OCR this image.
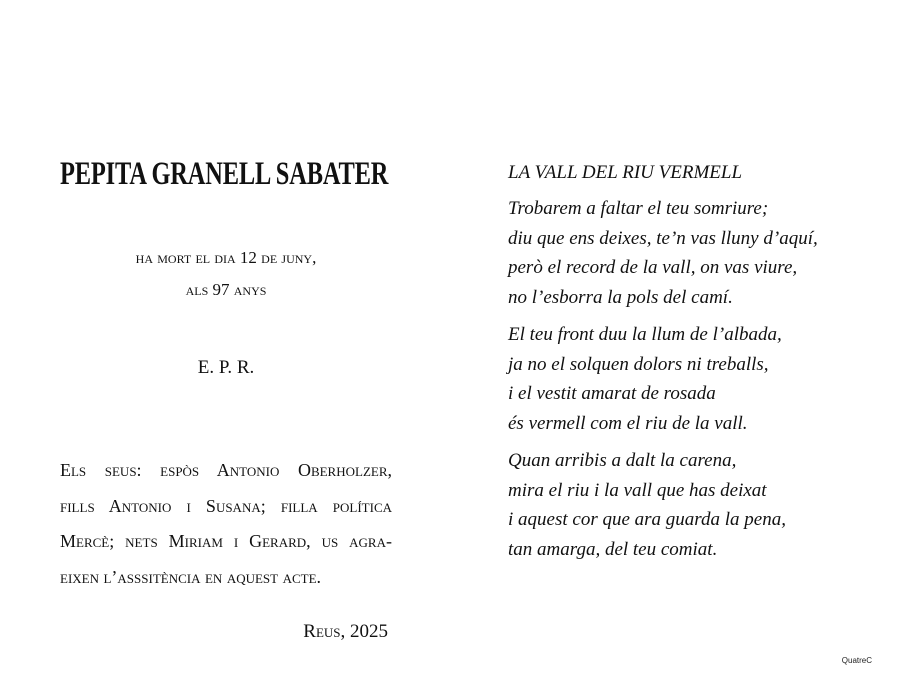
PEPITA GRANELL SABATER
ha mort el dia 12 de juny,
als 97 anys
E. P. R.
Els seus: espòs Antonio Oberholzer,
fills Antonio i Susana; filla política
Mercè; nets Miriam i Gerard, us agra-
eixen l’asssitència en aquest acte.
Reus, 2025
LA VALL DEL RIU VERMELL
Trobarem a faltar el teu somriure;
diu que ens deixes, te’n vas lluny d’aquí,
però el record de la vall, on vas viure,
no l’esborra la pols del camí.
El teu front duu la llum de l’albada,
ja no el solquen dolors ni treballs,
i el vestit amarat de rosada
és vermell com el riu de la vall.
Quan arribis a dalt la carena,
mira el riu i la vall que has deixat
i aquest cor que ara guarda la pena,
tan amarga, del teu comiat.
QuatreC
